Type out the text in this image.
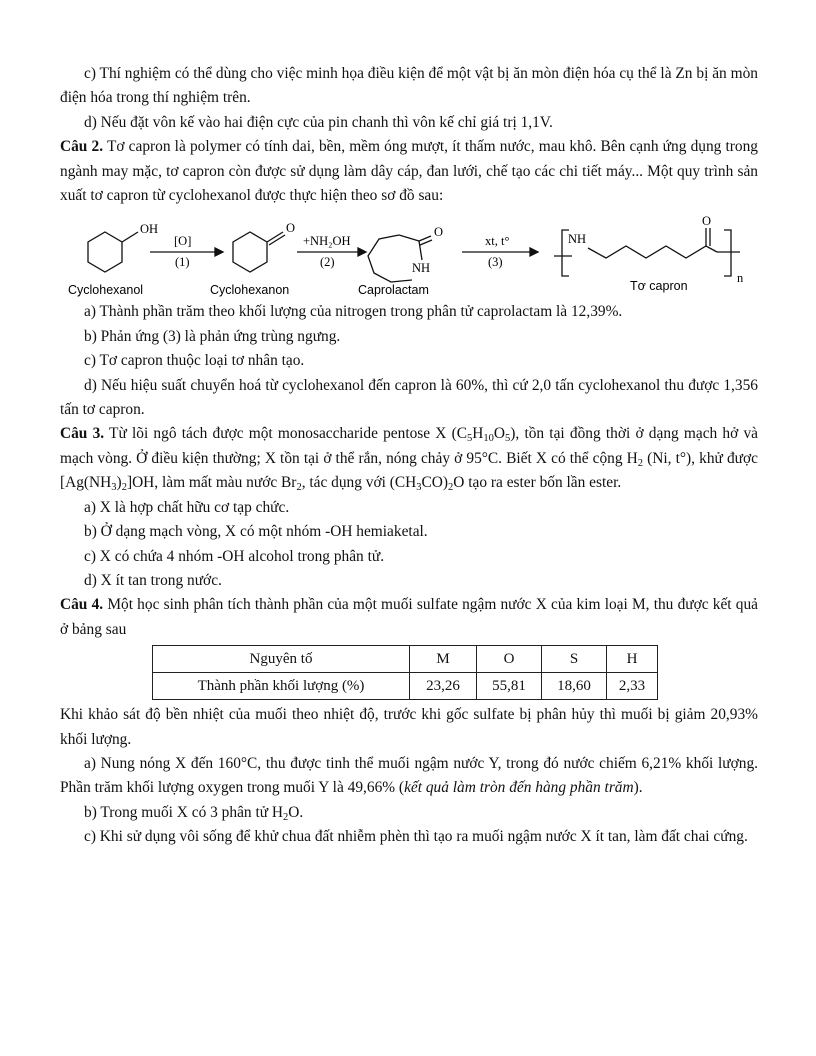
c) Thí nghiệm có thể dùng cho việc minh họa điều kiện để một vật bị ăn mòn điện hóa cụ thể là Zn bị ăn mòn điện hóa trong thí nghiệm trên.

d) Nếu đặt vôn kế vào hai điện cực của pin chanh thì vôn kế chỉ giá trị 1,1V.

Câu 2. Tơ capron là polymer có tính dai, bền, mềm óng mượt, ít thấm nước, mau khô. Bên cạnh ứng dụng trong ngành may mặc, tơ capron còn được sử dụng làm dây cáp, đan lưới, chế tạo các chi tiết máy... Một quy trình sản xuất tơ capron từ cyclohexanol được thực hiện theo sơ đồ sau:

OH	O	O
NH
NH
O
n
[O]
(1)
+NH₂OH
(2)
xt, t°
(3)
Cyclohexanol	Cyclohexanon	Caprolactam	Tơ capron

a) Thành phần trăm theo khối lượng của nitrogen trong phân tử caprolactam là 12,39%.

b) Phản ứng (3) là phản ứng trùng ngưng.

c) Tơ capron thuộc loại tơ nhân tạo.

d) Nếu hiệu suất chuyển hoá từ cyclohexanol đến capron là 60%, thì cứ 2,0 tấn cyclohexanol thu được 1,356 tấn tơ capron.

Câu 3. Từ lõi ngô tách được một monosaccharide pentose X $(C_5H_{10}O_5)$, tồn tại đồng thời ở dạng mạch hở và mạch vòng. Ở điều kiện thường; X tồn tại ở thể rắn, nóng chảy ở 95°C. Biết X có thể cộng $H_2$ (Ni, t°), khử được $[Ag(NH_3)_2]OH$, làm mất màu nước $Br_2$, tác dụng với $(CH_3CO)_2O$ tạo ra ester bốn lần ester.

a) X là hợp chất hữu cơ tạp chức.

b) Ở dạng mạch vòng, X có một nhóm -OH hemiaketal.

c) X có chứa 4 nhóm -OH alcohol trong phân tử.

d) X ít tan trong nước.

Câu 4. Một học sinh phân tích thành phần của một muối sulfate ngậm nước X của kim loại M, thu được kết quả ở bảng sau

Nguyên tố	M	O	S	H
Thành phần khối lượng (%)	23,26	55,81	18,60	2,33

Khi khảo sát độ bền nhiệt của muối theo nhiệt độ, trước khi gốc sulfate bị phân hủy thì muối bị giảm 20,93% khối lượng.

a) Nung nóng X đến 160°C, thu được tinh thể muối ngậm nước Y, trong đó nước chiếm 6,21% khối lượng. Phần trăm khối lượng oxygen trong muối Y là 49,66% (kết quả làm tròn đến hàng phần trăm).

b) Trong muối X có 3 phân tử $H_2O$.

c) Khi sử dụng vôi sống để khử chua đất nhiễm phèn thì tạo ra muối ngậm nước X ít tan, làm đất chai cứng.
